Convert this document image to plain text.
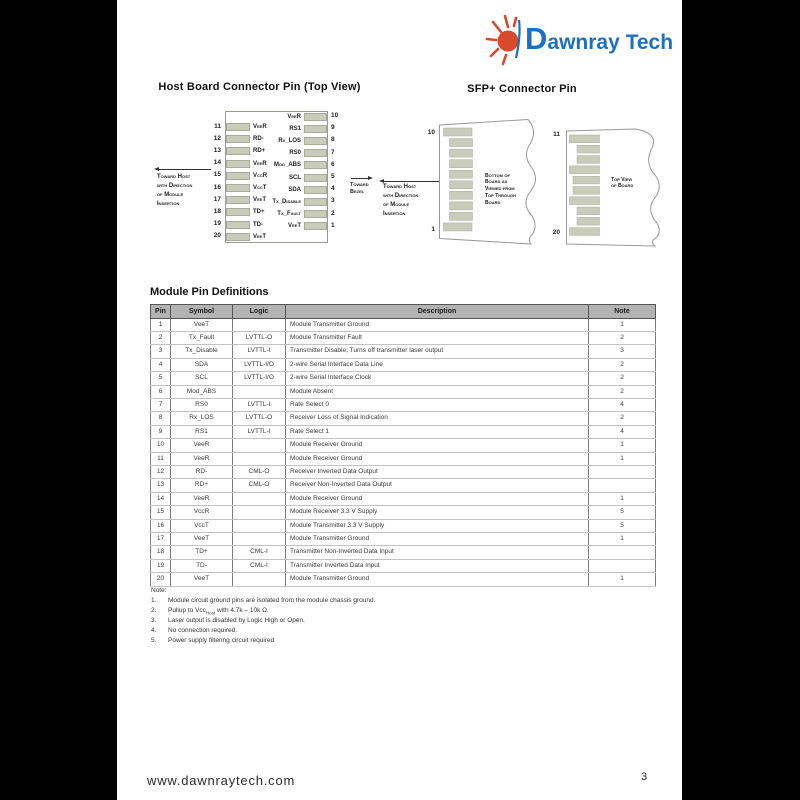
Dawnray Tech
Host Board Connector Pin (Top View)	SFP+ Connector Pin
11	VeeR
12	RD-
13	RD+
14	VeeR
15	VccR
16	VccT
17	VeeT
18	TD+
19	TD-
20	VeeT
VeeR	10
RS1	9
Rx_LOS	8
RS0	7
Mod_ABS	6
SCL	5
SDA	4
Tx_Disable	3
Tx_Fault	2
VeeT	1
Toward Host
with Direction
of Module
Insertion
Toward
Bezel
Toward Host
with Direction
of Module
Insertion
10
1
Bottom of
Board as
Viewed from
Top Through
Board
11
20
Top View
of Board
Module Pin Definitions
Pin	Symbol	Logic	Description	Note
1	VeeT		Module Transmitter Ground	1
2	Tx_Fault	LVTTL-O	Module Transmitter Fault	2
3	Tx_Disable	LVTTL-I	Transmitter Disable; Turns off transmitter laser output	3
4	SDA	LVTTL-I/O	2-wire Serial Interface Data Line	2
5	SCL	LVTTL-I/O	2-wire Serial Interface Clock	2
6	Mod_ABS		Module Absent	2
7	RS0	LVTTL-I	Rate Select 0	4
8	Rx_LOS	LVTTL-O	Receiver Loss of Signal Indication	2
9	RS1	LVTTL-I	Rate Select 1	4
10	VeeR		Module Receiver Ground	1
11	VeeR		Module Receiver Ground	1
12	RD-	CML-O	Receiver Inverted Data Output	
13	RD+	CML-O	Receiver Non-Inverted Data Output	
14	VeeR		Module Receiver Ground	1
15	VccR		Module Receiver 3.3 V Supply	5
16	VccT		Module Transmitter 3.3 V Supply	5
17	VeeT		Module Transmitter Ground	1
18	TD+	CML-I	Transmitter Non-Inverted Data Input	
19	TD-	CML-I	Transmitter Inverted Data Input	
20	VeeT		Module Transmitter Ground	1
Note:
1. Module circuit ground pins are isolated from the module chassis ground.
2. Pullup to Vcc$_{Host}$ with 4.7k – 10k Ω.
3. Laser output is disabled by Logic High or Open.
4. No connection required.
5. Power supply filtering circuit required
www.dawnraytech.com	3
